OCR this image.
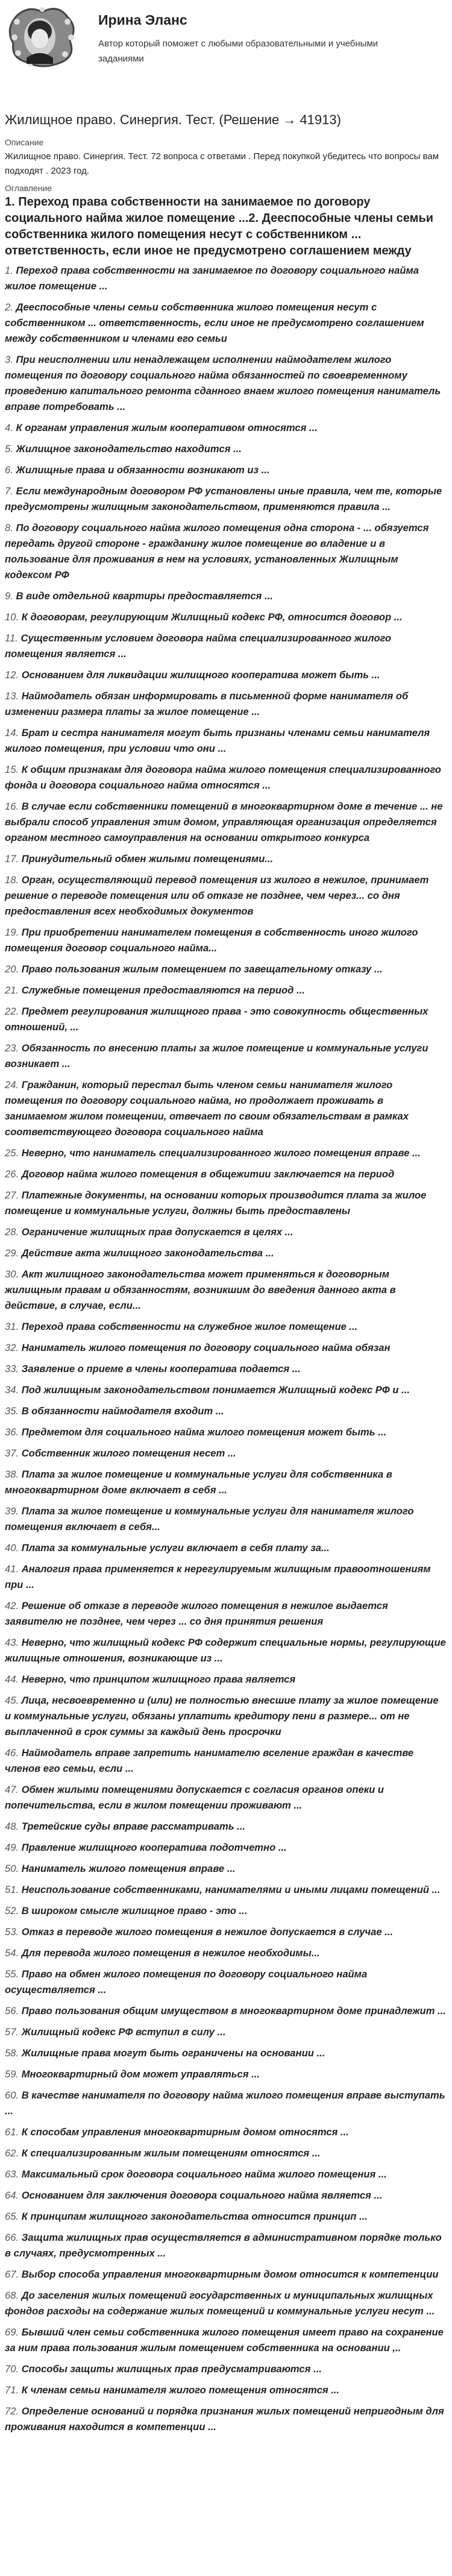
Ирина Эланс
Автор который поможет с любыми образовательными и учебными заданиями
Жилищное право. Синергия. Тест. (Решение → 41913)
Описание
Жилищное право. Синергия. Тест. 72 вопроса с ответами . Перед покупкой убедитесь что вопросы вам подходят . 2023 год.
Оглавление
1. Переход права собственности на занимаемое по договору социального найма жилое помещение ...2. Дееспособные члены семьи собственника жилого помещения несут с собственником ... ответственность, если иное не предусмотрено соглашением между
1. Переход права собственности на занимаемое по договору социального найма жилое помещение ...
2. Дееспособные члены семьи собственника жилого помещения несут с собственником ... ответственность, если иное не предусмотрено соглашением между собственником и членами его семьи
3. При неисполнении или ненадлежащем исполнении наймодателем жилого помещения по договору социального найма обязанностей по своевременному проведению капитального ремонта сданного внаем жилого помещения наниматель вправе потребовать ...
4. К органам управления жилым кооперативом относятся ...
5. Жилищное законодательство находится ...
6. Жилищные права и обязанности возникают из ...
7. Если международным договором РФ установлены иные правила, чем те, которые предусмотрены жилищным законодательством, применяются правила ...
8. По договору социального найма жилого помещения одна сторона - ... обязуется передать другой стороне - гражданину жилое помещение во владение и в пользование для проживания в нем на условиях, установленных Жилищным кодексом РФ
9. В виде отдельной квартиры предоставляется ...
10. К договорам, регулирующим Жилищный кодекс РФ, относится договор ...
11. Существенным условием договора найма специализированного жилого помещения является ...
12. Основанием для ликвидации жилищного кооператива может быть ...
13. Наймодатель обязан информировать в письменной форме нанимателя об изменении размера платы за жилое помещение ...
14. Брат и сестра нанимателя могут быть признаны членами семьи нанимателя жилого помещения, при условии что они ...
15. К общим признакам для договора найма жилого помещения специализированного фонда и договора социального найма относятся ...
16. В случае если собственники помещений в многоквартирном доме в течение ... не выбрали способ управления этим домом, управляющая организация определяется органом местного самоуправления на основании открытого конкурса
17. Принудительный обмен жилыми помещениями...
18. Орган, осуществляющий перевод помещения из жилого в нежилое, принимает решение о переводе помещения или об отказе не позднее, чем через... со дня предоставления всех необходимых документов
19. При приобретении нанимателем помещения в собственность иного жилого помещения договор социального найма...
20. Право пользования жилым помещением по завещательному отказу ...
21. Служебные помещения предоставляются на период ...
22. Предмет регулирования жилищного права - это совокупность общественных отношений, ...
23. Обязанность по внесению платы за жилое помещение и коммунальные услуги возникает ...
24. Гражданин, который перестал быть членом семьи нанимателя жилого помещения по договору социального найма, но продолжает проживать в занимаемом жилом помещении, отвечает по своим обязательствам в рамках соответствующего договора социального найма
25. Неверно, что наниматель специализированного жилого помещения вправе ...
26. Договор найма жилого помещения в общежитии заключается на период
27. Платежные документы, на основании которых производится плата за жилое помещение и коммунальные услуги, должны быть предоставлены
28. Ограничение жилищных прав допускается в целях ...
29. Действие акта жилищного законодательства ...
30. Акт жилищного законодательства может применяться к договорным жилищным правам и обязанностям, возникшим до введения данного акта в действие, в случае, если...
31. Переход права собственности на служебное жилое помещение ...
32. Наниматель жилого помещения по договору социального найма обязан
33. Заявление о приеме в члены кооператива подается ...
34. Под жилищным законодательством понимается Жилищный кодекс РФ и ...
35. В обязанности наймодателя входит ...
36. Предметом для социального найма жилого помещения может быть ...
37. Собственник жилого помещения несет ...
38. Плата за жилое помещение и коммунальные услуги для собственника в многоквартирном доме включает в себя ...
39. Плата за жилое помещение и коммунальные услуги для нанимателя жилого помещения включает в себя...
40. Плата за коммунальные услуги включает в себя плату за...
41. Аналогия права применяется к нерегулируемым жилищным правоотношениям при ...
42. Решение об отказе в переводе жилого помещения в нежилое выдается заявителю не позднее, чем через ... со дня принятия решения
43. Неверно, что жилищный кодекс РФ содержит специальные нормы, регулирующие жилищные отношения, возникающие из ...
44. Неверно, что принципом жилищного права является
45. Лица, несвоевременно и (или) не полностью внесшие плату за жилое помещение и коммунальные услуги, обязаны уплатить кредитору пени в размере... от не выплаченной в срок суммы за каждый день просрочки
46. Наймодатель вправе запретить нанимателю вселение граждан в качестве членов его семьи, если ...
47. Обмен жилыми помещениями допускается с согласия органов опеки и попечительства, если в жилом помещении проживают ...
48. Третейские суды вправе рассматривать ...
49. Правление жилищного кооператива подотчетно ...
50. Наниматель жилого помещения вправе ...
51. Неиспользование собственниками, нанимателями и иными лицами помещений ...
52. В широком смысле жилищное право - это ...
53. Отказ в переводе жилого помещения в нежилое допускается в случае ...
54. Для перевода жилого помещения в нежилое необходимы...
55. Право на обмен жилого помещения по договору социального найма осуществляется ...
56. Право пользования общим имуществом в многоквартирном доме принадлежит ...
57. Жилищный кодекс РФ вступил в силу ...
58. Жилищные права могут быть ограничены на основании ...
59. Многоквартирный дом может управляться ...
60. В качестве нанимателя по договору найма жилого помещения вправе выступать ...
61. К способам управления многоквартирным домом относятся ...
62. К специализированным жилым помещениям относятся ...
63. Максимальный срок договора социального найма жилого помещения ...
64. Основанием для заключения договора социального найма является ...
65. К принципам жилищного законодательства относится принцип ...
66. Защита жилищных прав осуществляется в административном порядке только в случаях, предусмотренных ...
67. Выбор способа управления многоквартирным домом относится к компетенции
68. До заселения жилых помещений государственных и муниципальных жилищных фондов расходы на содержание жилых помещений и коммунальные услуги несут ...
69. Бывший член семьи собственника жилого помещения имеет право на сохранение за ним права пользования жилым помещением собственника на основании ,..
70. Способы защиты жилищных прав предусматриваются ...
71. К членам семьи нанимателя жилого помещения относятся ...
72. Определение оснований и порядка признания жилых помещений непригодным для проживания находится в компетенции ...
